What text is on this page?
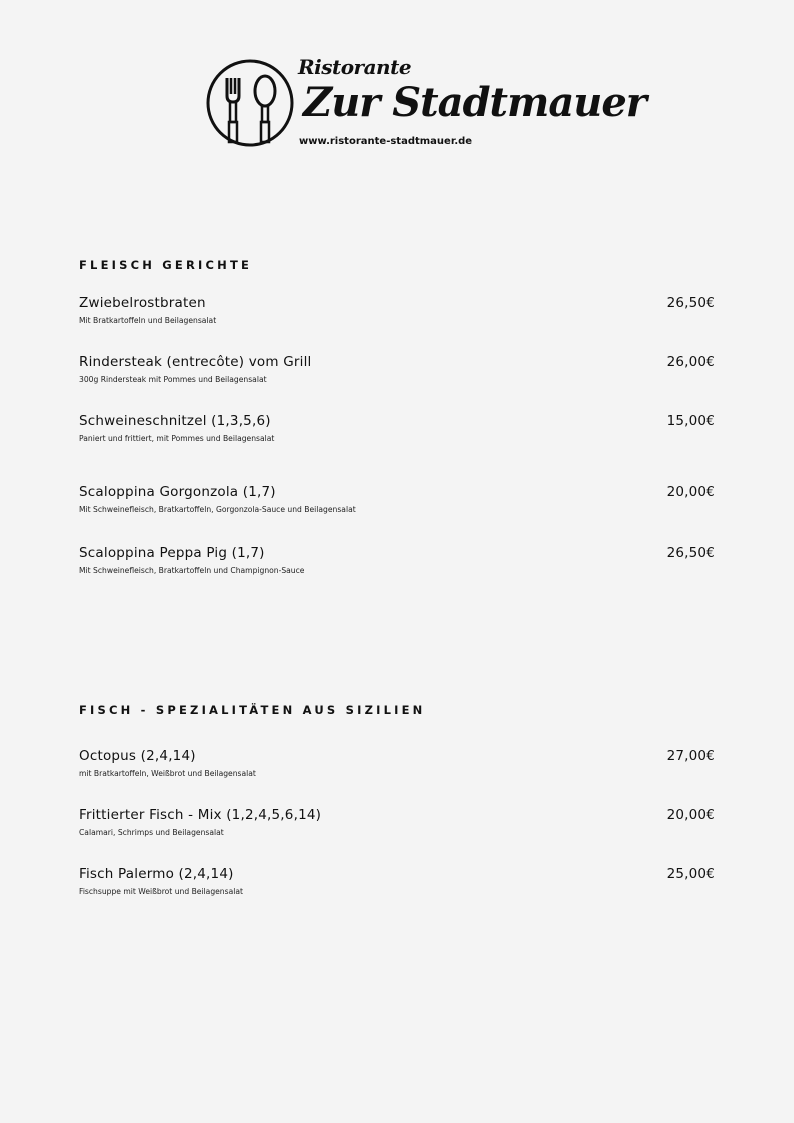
Ristorante
Zur Stadtmauer
www.ristorante-stadtmauer.de
FLEISCH GERICHTE
Zwiebelrostbraten	26,50€
Mit Bratkartoffeln und Beilagensalat
Rindersteak (entrecôte) vom Grill	26,00€
300g Rindersteak mit Pommes und Beilagensalat
Schweineschnitzel (1,3,5,6)	15,00€
Paniert und frittiert, mit Pommes und Beilagensalat
Scaloppina Gorgonzola (1,7)	20,00€
Mit Schweinefleisch, Bratkartoffeln, Gorgonzola-Sauce und Beilagensalat
Scaloppina Peppa Pig (1,7)	26,50€
Mit Schweinefleisch, Bratkartoffeln und Champignon-Sauce
FISCH - SPEZIALITÄTEN AUS SIZILIEN
Octopus (2,4,14)	27,00€
mit Bratkartoffeln, Weißbrot und Beilagensalat
Frittierter Fisch - Mix (1,2,4,5,6,14)	20,00€
Calamari, Schrimps und Beilagensalat
Fisch Palermo (2,4,14)	25,00€
Fischsuppe mit Weißbrot und Beilagensalat
